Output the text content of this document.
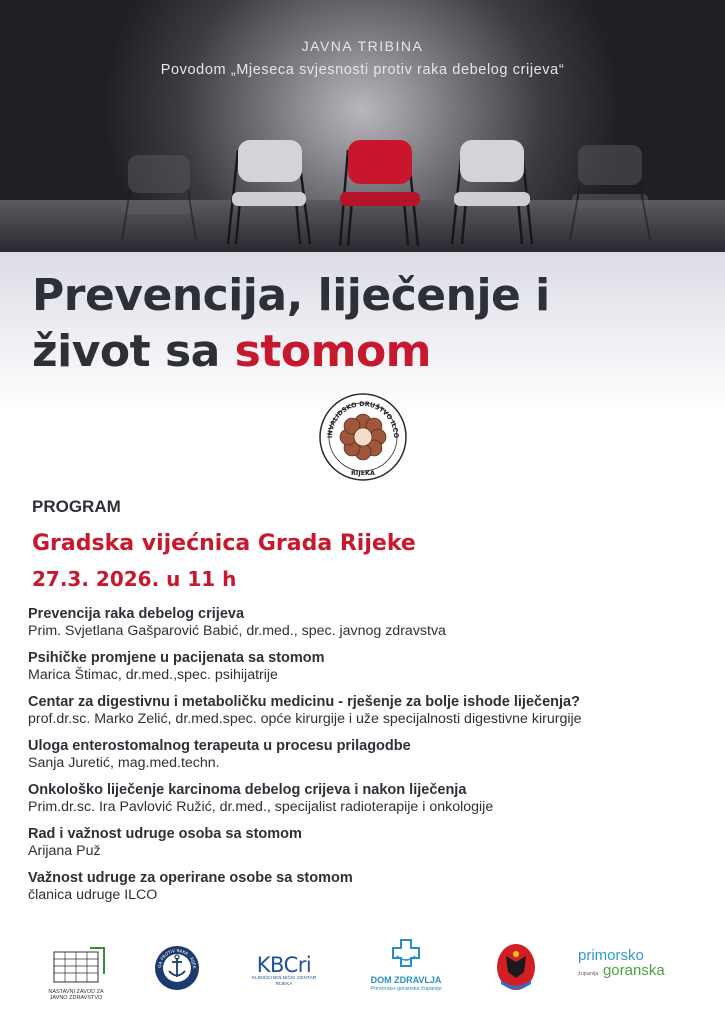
JAVNA TRIBINA
Povodom „Mjeseca svjesnosti protiv raka debelog crijeva“
Prevencija, liječenje i
život sa stomom
INVALIDSKO DRUŠTVO ILCO
RIJEKA
PROGRAM
Gradska vijećnica Grada Rijeke
27.3. 2026. u 11 h
Prevencija raka debelog crijeva
Prim. Svjetlana Gašparović Babić, dr.med., spec. javnog zdravstva
Psihičke promjene u pacijenata sa stomom
Marica Štimac, dr.med.,spec. psihijatrije
Centar za digestivnu i metaboličku medicinu - rješenje za bolje ishode liječenja?
prof.dr.sc. Marko Zelić, dr.med.spec. opće kirurgije i uže specijalnosti digestivne kirurgije
Uloga enterostomalnog terapeuta u procesu prilagodbe
Sanja Juretić, mag.med.techn.
Onkološko liječenje karcinoma debelog crijeva i nakon liječenja
Prim.dr.sc. Ira Pavlović Ružić, dr.med., specijalist radioterapije i onkologije
Rad i važnost udruge osoba sa stomom
Arijana Puž
Važnost udruge za operirane osobe sa stomom
članica udruge ILCO
NASTAVNI ZAVOD ZA JAVNO ZDRAVSTVO
GA PROTIV RAKA · RIJEK	KBCri
KLINIČKI BOLNIČKI CENTAR RIJEKA	DOM ZDRAVLJA
Primorsko-goranske županije
primorsko
županija goranska
